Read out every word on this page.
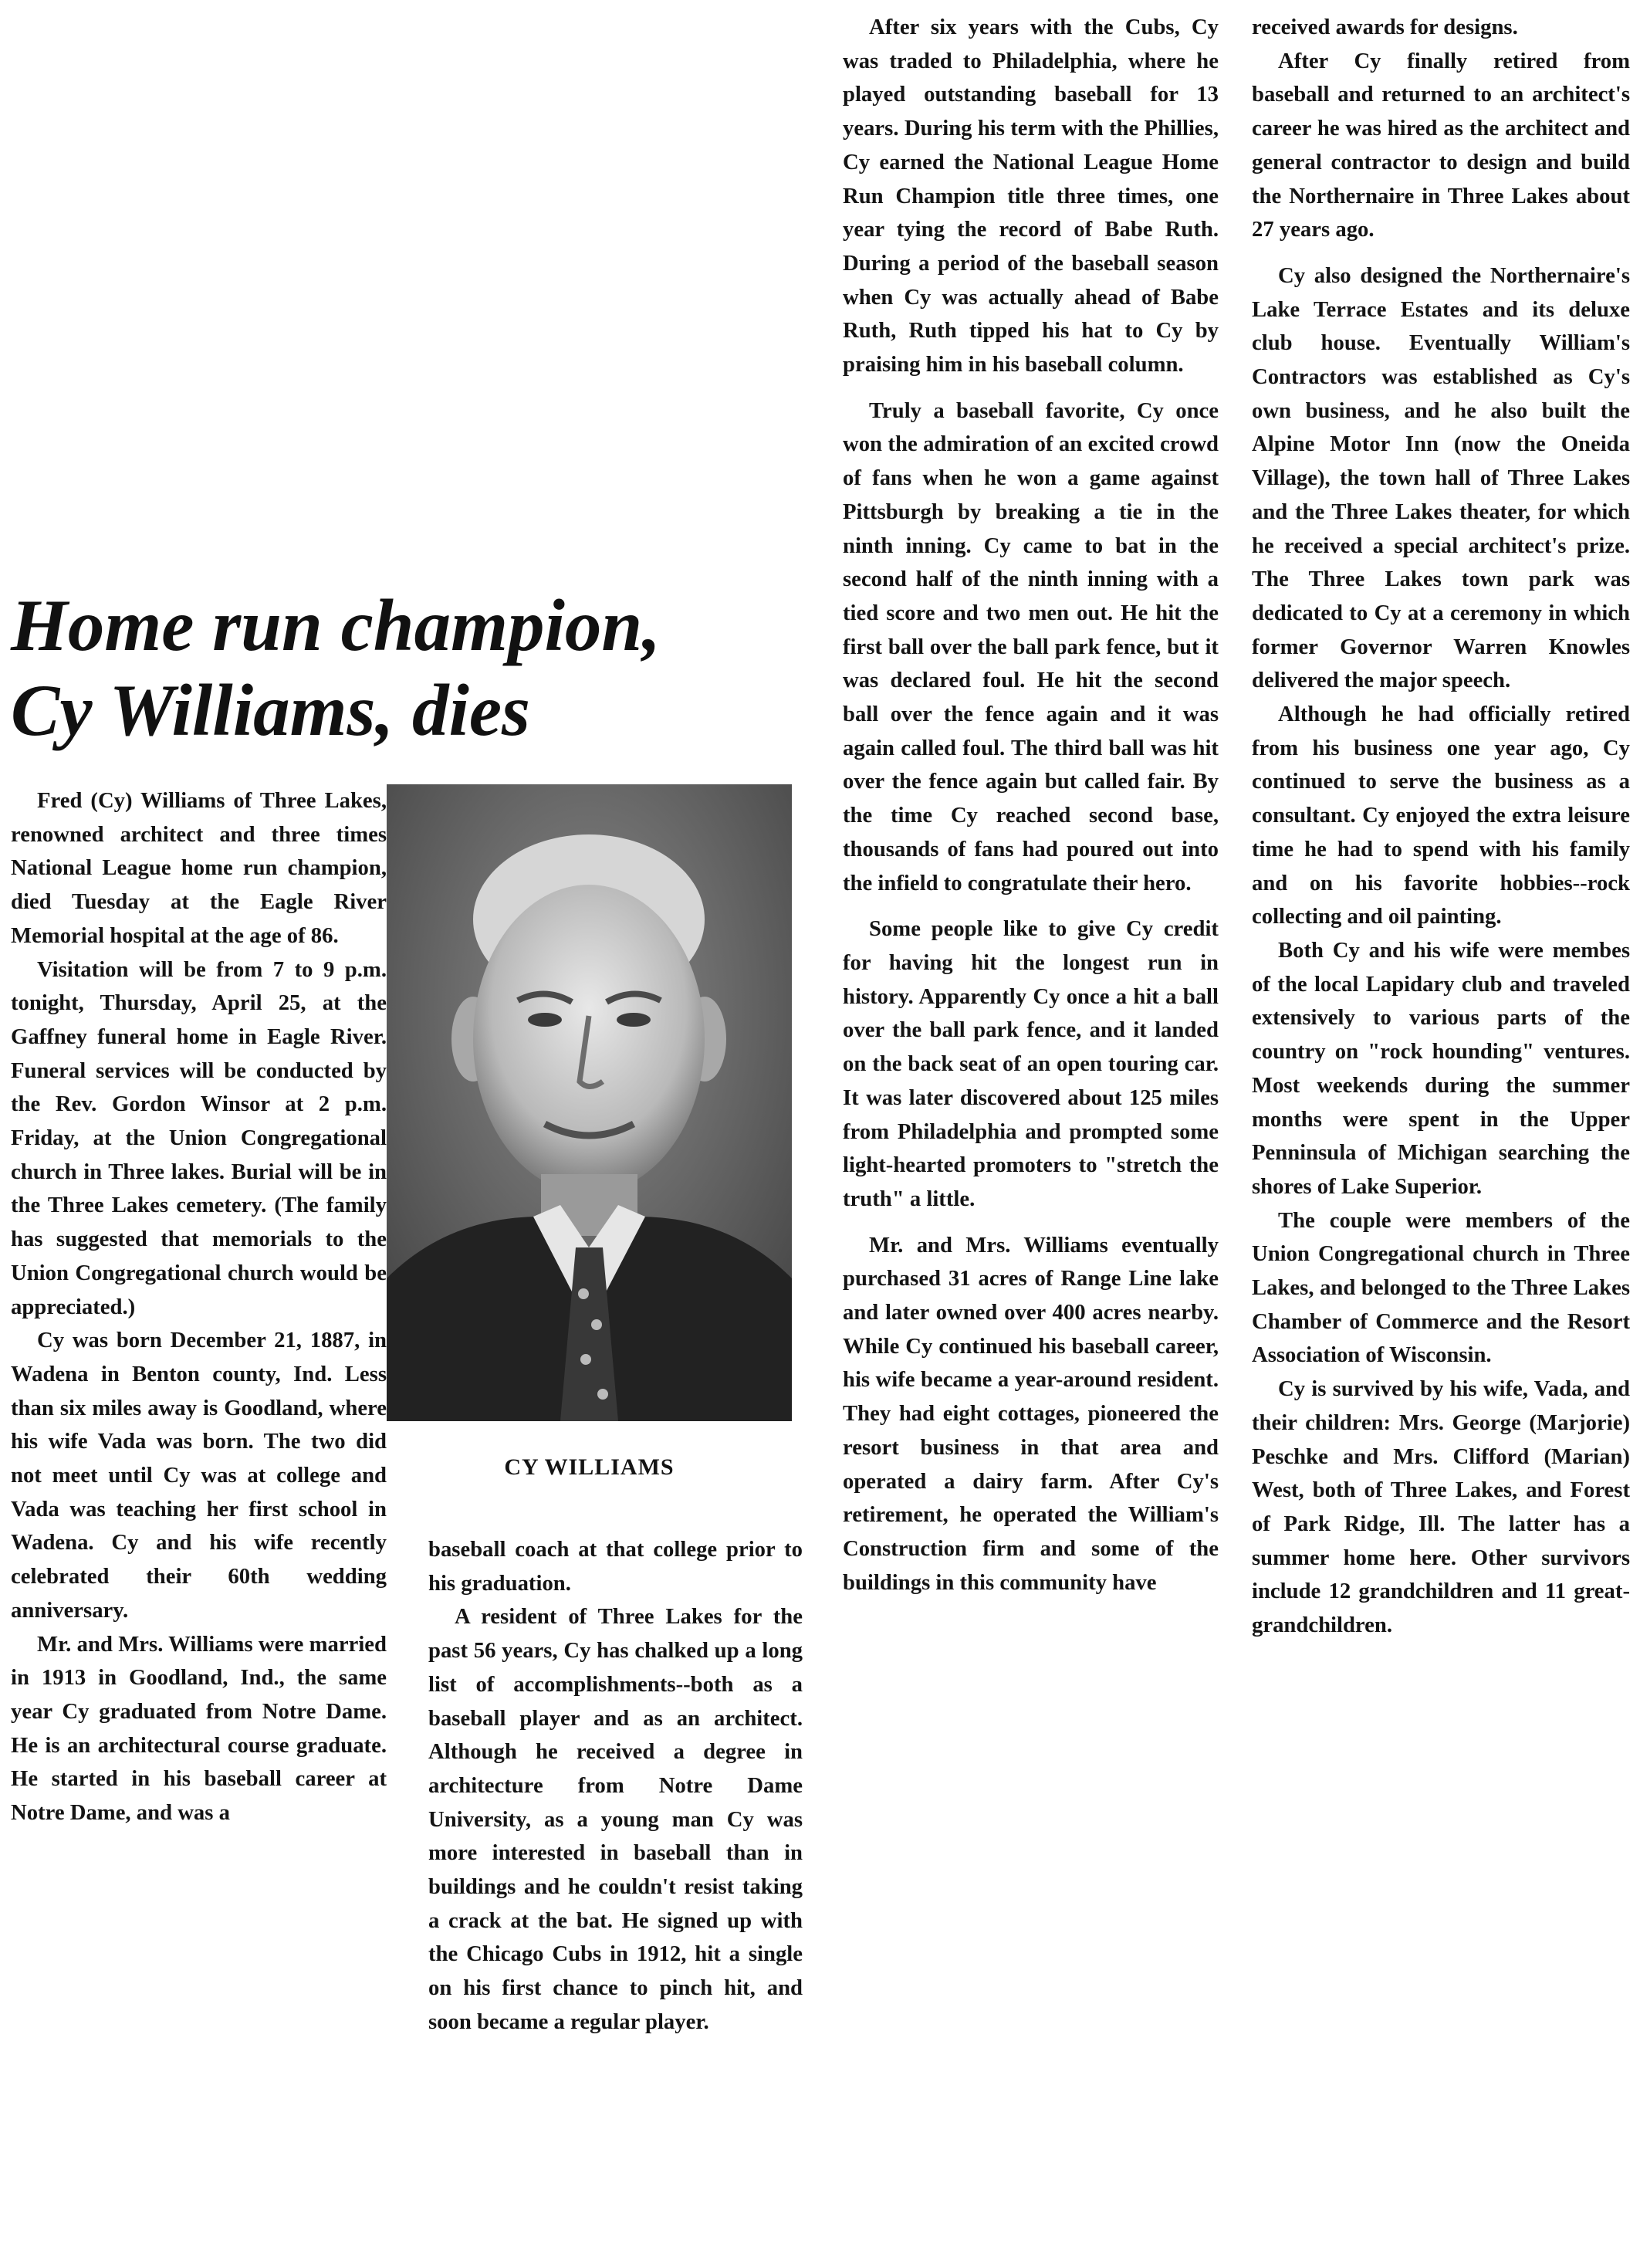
Home run champion,
Cy Williams, dies

Fred (Cy) Williams of Three Lakes, renowned architect and three times National League home run champion, died Tuesday at the Eagle River Memorial hospital at the age of 86.

Visitation will be from 7 to 9 p.m. tonight, Thursday, April 25, at the Gaffney funeral home in Eagle River. Funeral services will be conducted by the Rev. Gordon Winsor at 2 p.m. Friday, at the Union Congregational church in Three lakes. Burial will be in the Three Lakes cemetery. (The family has suggested that memorials to the Union Congregational church would be appreciated.)

Cy was born December 21, 1887, in Wadena in Benton county, Ind. Less than six miles away is Goodland, where his wife Vada was born. The two did not meet until Cy was at college and Vada was teaching her first school in Wadena. Cy and his wife recently celebrated their 60th wedding anniversary.

Mr. and Mrs. Williams were married in 1913 in Goodland, Ind., the same year Cy graduated from Notre Dame. He is an architectural course graduate. He started in his baseball career at Notre Dame, and was a

CY WILLIAMS

baseball coach at that college prior to his graduation.

A resident of Three Lakes for the past 56 years, Cy has chalked up a long list of accomplishments--both as a baseball player and as an architect. Although he received a degree in architecture from Notre Dame University, as a young man Cy was more interested in baseball than in buildings and he couldn't resist taking a crack at the bat. He signed up with the Chicago Cubs in 1912, hit a single on his first chance to pinch hit, and soon became a regular player.

After six years with the Cubs, Cy was traded to Philadelphia, where he played outstanding baseball for 13 years. During his term with the Phillies, Cy earned the National League Home Run Champion title three times, one year tying the record of Babe Ruth. During a period of the baseball season when Cy was actually ahead of Babe Ruth, Ruth tipped his hat to Cy by praising him in his baseball column.

Truly a baseball favorite, Cy once won the admiration of an excited crowd of fans when he won a game against Pittsburgh by breaking a tie in the ninth inning. Cy came to bat in the second half of the ninth inning with a tied score and two men out. He hit the first ball over the ball park fence, but it was declared foul. He hit the second ball over the fence again and it was again called foul. The third ball was hit over the fence again but called fair. By the time Cy reached second base, thousands of fans had poured out into the infield to congratulate their hero.

Some people like to give Cy credit for having hit the longest run in history. Apparently Cy once a hit a ball over the ball park fence, and it landed on the back seat of an open touring car. It was later discovered about 125 miles from Philadelphia and prompted some light-hearted promoters to "stretch the truth" a little.

Mr. and Mrs. Williams eventually purchased 31 acres of Range Line lake and later owned over 400 acres nearby. While Cy continued his baseball career, his wife became a year-around resident. They had eight cottages, pioneered the resort business in that area and operated a dairy farm. After Cy's retirement, he operated the William's Construction firm and some of the buildings in this community have

received awards for designs.

After Cy finally retired from baseball and returned to an architect's career he was hired as the architect and general contractor to design and build the Northernaire in Three Lakes about 27 years ago.

Cy also designed the Northernaire's Lake Terrace Estates and its deluxe club house. Eventually William's Contractors was established as Cy's own business, and he also built the Alpine Motor Inn (now the Oneida Village), the town hall of Three Lakes and the Three Lakes theater, for which he received a special architect's prize. The Three Lakes town park was dedicated to Cy at a ceremony in which former Governor Warren Knowles delivered the major speech.

Although he had officially retired from his business one year ago, Cy continued to serve the business as a consultant. Cy enjoyed the extra leisure time he had to spend with his family and on his favorite hobbies--rock collecting and oil painting.

Both Cy and his wife were membes of the local Lapidary club and traveled extensively to various parts of the country on "rock hounding" ventures. Most weekends during the summer months were spent in the Upper Penninsula of Michigan searching the shores of Lake Superior.

The couple were members of the Union Congregational church in Three Lakes, and belonged to the Three Lakes Chamber of Commerce and the Resort Association of Wisconsin.

Cy is survived by his wife, Vada, and their children: Mrs. George (Marjorie) Peschke and Mrs. Clifford (Marian) West, both of Three Lakes, and Forest of Park Ridge, Ill. The latter has a summer home here. Other survivors include 12 grandchildren and 11 great-grandchildren.
